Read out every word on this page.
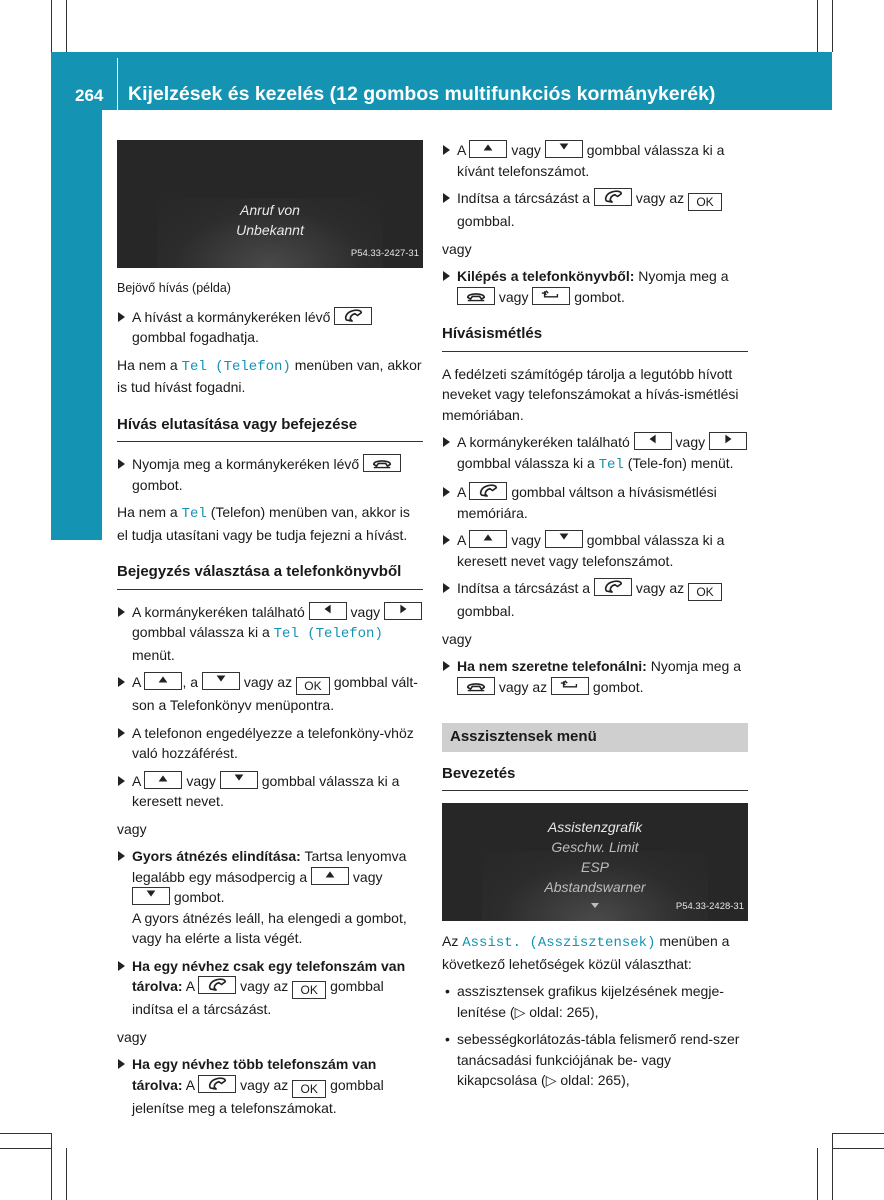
264 Kijelzések és kezelés (12 gombos multifunkciós kormánykerék)
Fedélzeti számítógép és kijelzései	Anruf von
Unbekannt
P54.33-2427-31
Bejövő hívás (példa)
A hívást a kormánykeréken lévő
gombbal fogadhatja.
Ha nem a Tel (Telefon) menüben van, akkor is tud hívást fogadni.
Hívás elutasítása vagy befejezése
Nyomja meg a kormánykeréken lévő
gombot.
Ha nem a Tel (Telefon) menüben van, akkor is el tudja utasítani vagy be tudja fejezni a hívást.
Bejegyzés választása a telefonkönyvből
A kormánykeréken található	vagy
gombbal válassza ki a Tel (Telefon) menüt.
A	, a	vagy az OK gombbal vált-son a Telefonkönyv menüpontra.
A telefonon engedélyezze a telefonköny-vhöz való hozzáférést.
A	vagy	gombbal válassza ki a keresett nevet.
vagy
Gyors átnézés elindítása: Tartsa lenyomva legalább egy másodpercig a	vagy
gombot.
A gyors átnézés leáll, ha elengedi a gombot, vagy ha elérte a lista végét.
Ha egy névhez csak egy telefonszám van tárolva: A	vagy az OK gombbal indítsa el a tárcsázást.
vagy
Ha egy névhez több telefonszám van tárolva: A	vagy az OK gombbal jelenítse meg a telefonszámokat.
A	vagy	gombbal válassza ki a kívánt telefonszámot.
Indítsa a tárcsázást a	vagy az OK gombbal.
vagy
Kilépés a telefonkönyvből: Nyomja meg a
vagy	gombot.
Hívásismétlés
A fedélzeti számítógép tárolja a legutóbb hívott neveket vagy telefonszámokat a hívás-ismétlési memóriában.
A kormánykeréken található	vagy
gombbal válassza ki a Tel (Tele-fon) menüt.
A	gombbal váltson a hívásismétlési memóriára.
A	vagy	gombbal válassza ki a keresett nevet vagy telefonszámot.
Indítsa a tárcsázást a	vagy az OK gombbal.
vagy
Ha nem szeretne telefonálni: Nyomja meg a
vagy az	gombot.
Asszisztensek menü
Bevezetés
Assistenzgrafik
Geschw. Limit
ESP
Abstandswarner
P54.33-2428-31
Az Assist. (Asszisztensek) menüben a következő lehetőségek közül választhat:
• asszisztensek grafikus kijelzésének megje-lenítése (▷ oldal: 265),
• sebességkorlátozás-tábla felismerő rend-szer tanácsadási funkciójának be- vagy kikapcsolása (▷ oldal: 265),
